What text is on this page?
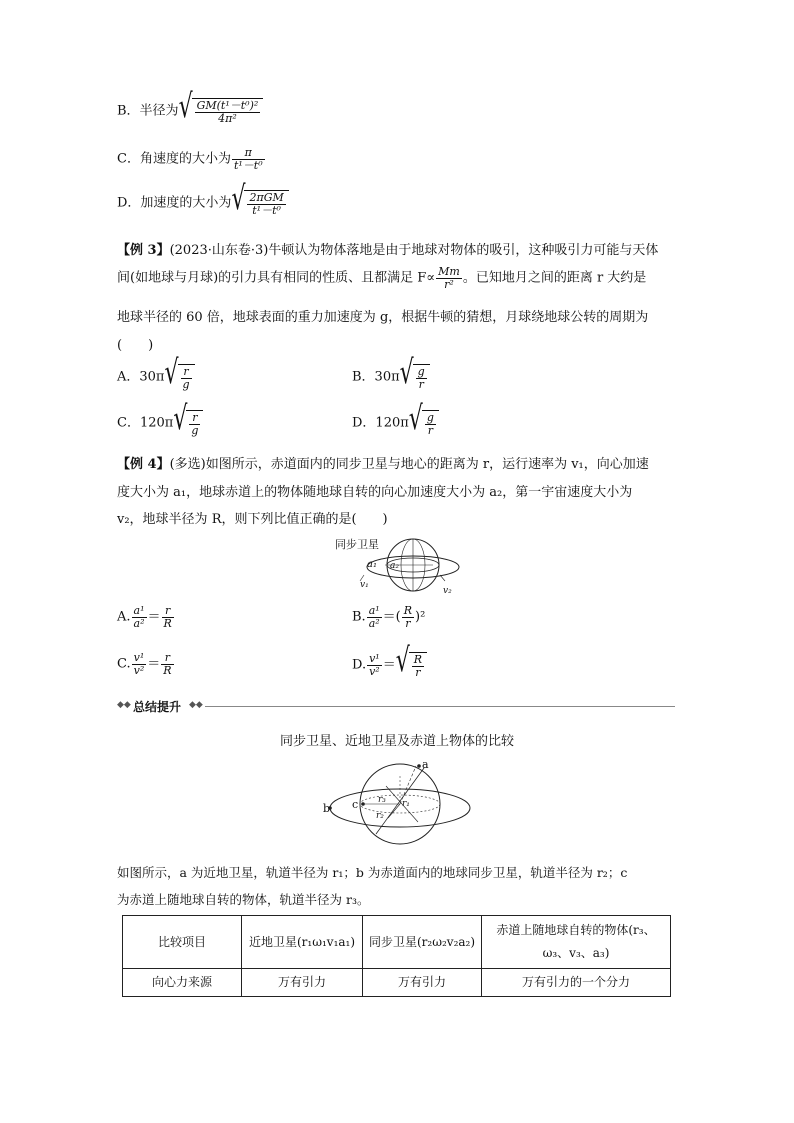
B．半径为 √ $\frac{\text{GM(t¹－t⁰)²}}{\text{4π²}}$
C．角速度的大小为 $\frac{\pi}{\text{t¹－t⁰}}$
D．加速度的大小为 √ $\frac{\text{2πGM}}{\text{t¹－t⁰}}$
【例 3】(2023·山东卷·3)牛顿认为物体落地是由于地球对物体的吸引，这种吸引力可能与天体
间(如地球与月球)的引力具有相同的性质、且都满足 $F\propto \frac{Mm}{\text{r²}}$ 。已知地月之间的距离 r 大约是
地球半径的 60 倍，地球表面的重力加速度为 g，根据牛顿的猜想，月球绕地球公转的周期为
(　　)
A．30π √ $\frac{r}{g}$	B．30π √ $\frac{g}{r}$
C．120π √ $\frac{r}{g}$	D．120π √ $\frac{g}{r}$
【例 4】(多选)如图所示，赤道面内的同步卫星与地心的距离为 r，运行速率为 v₁，向心加速
度大小为 a₁，地球赤道上的物体随地球自转的向心加速度大小为 a₂，第一宇宙速度大小为
v₂，地球半径为 R，则下列比值正确的是(　　)
同步卫星
a₁ a₂
v₁
v₂
A. $\frac{\text{a¹}}{\text{a²}} = \frac{r}{R}$	B. $\frac{\text{a¹}}{\text{a²}}$ ＝( $\frac{R}{r} )^2$
C. $\frac{\text{v¹}}{\text{v²}} = \frac{r}{R}$	D. $\frac{\text{v¹}}{\text{v²}}$ ＝ √ $\frac{R}{r}$
◆◆ 总结提升 ◆◆
同步卫星、近地卫星及赤道上物体的比较
a
b c	r₁
r₂
r₃
如图所示，a 为近地卫星，轨道半径为 r₁；b 为赤道面内的地球同步卫星，轨道半径为 r₂；c
为赤道上随地球自转的物体，轨道半径为 r₃。
比较项目	近地卫星(r₁ω₁v₁a₁)	同步卫星(r₂ω₂v₂a₂)	赤道上随地球自转的物体(r₃、ω₃、v₃、a₃)
向心力来源	万有引力	万有引力	万有引力的一个分力
